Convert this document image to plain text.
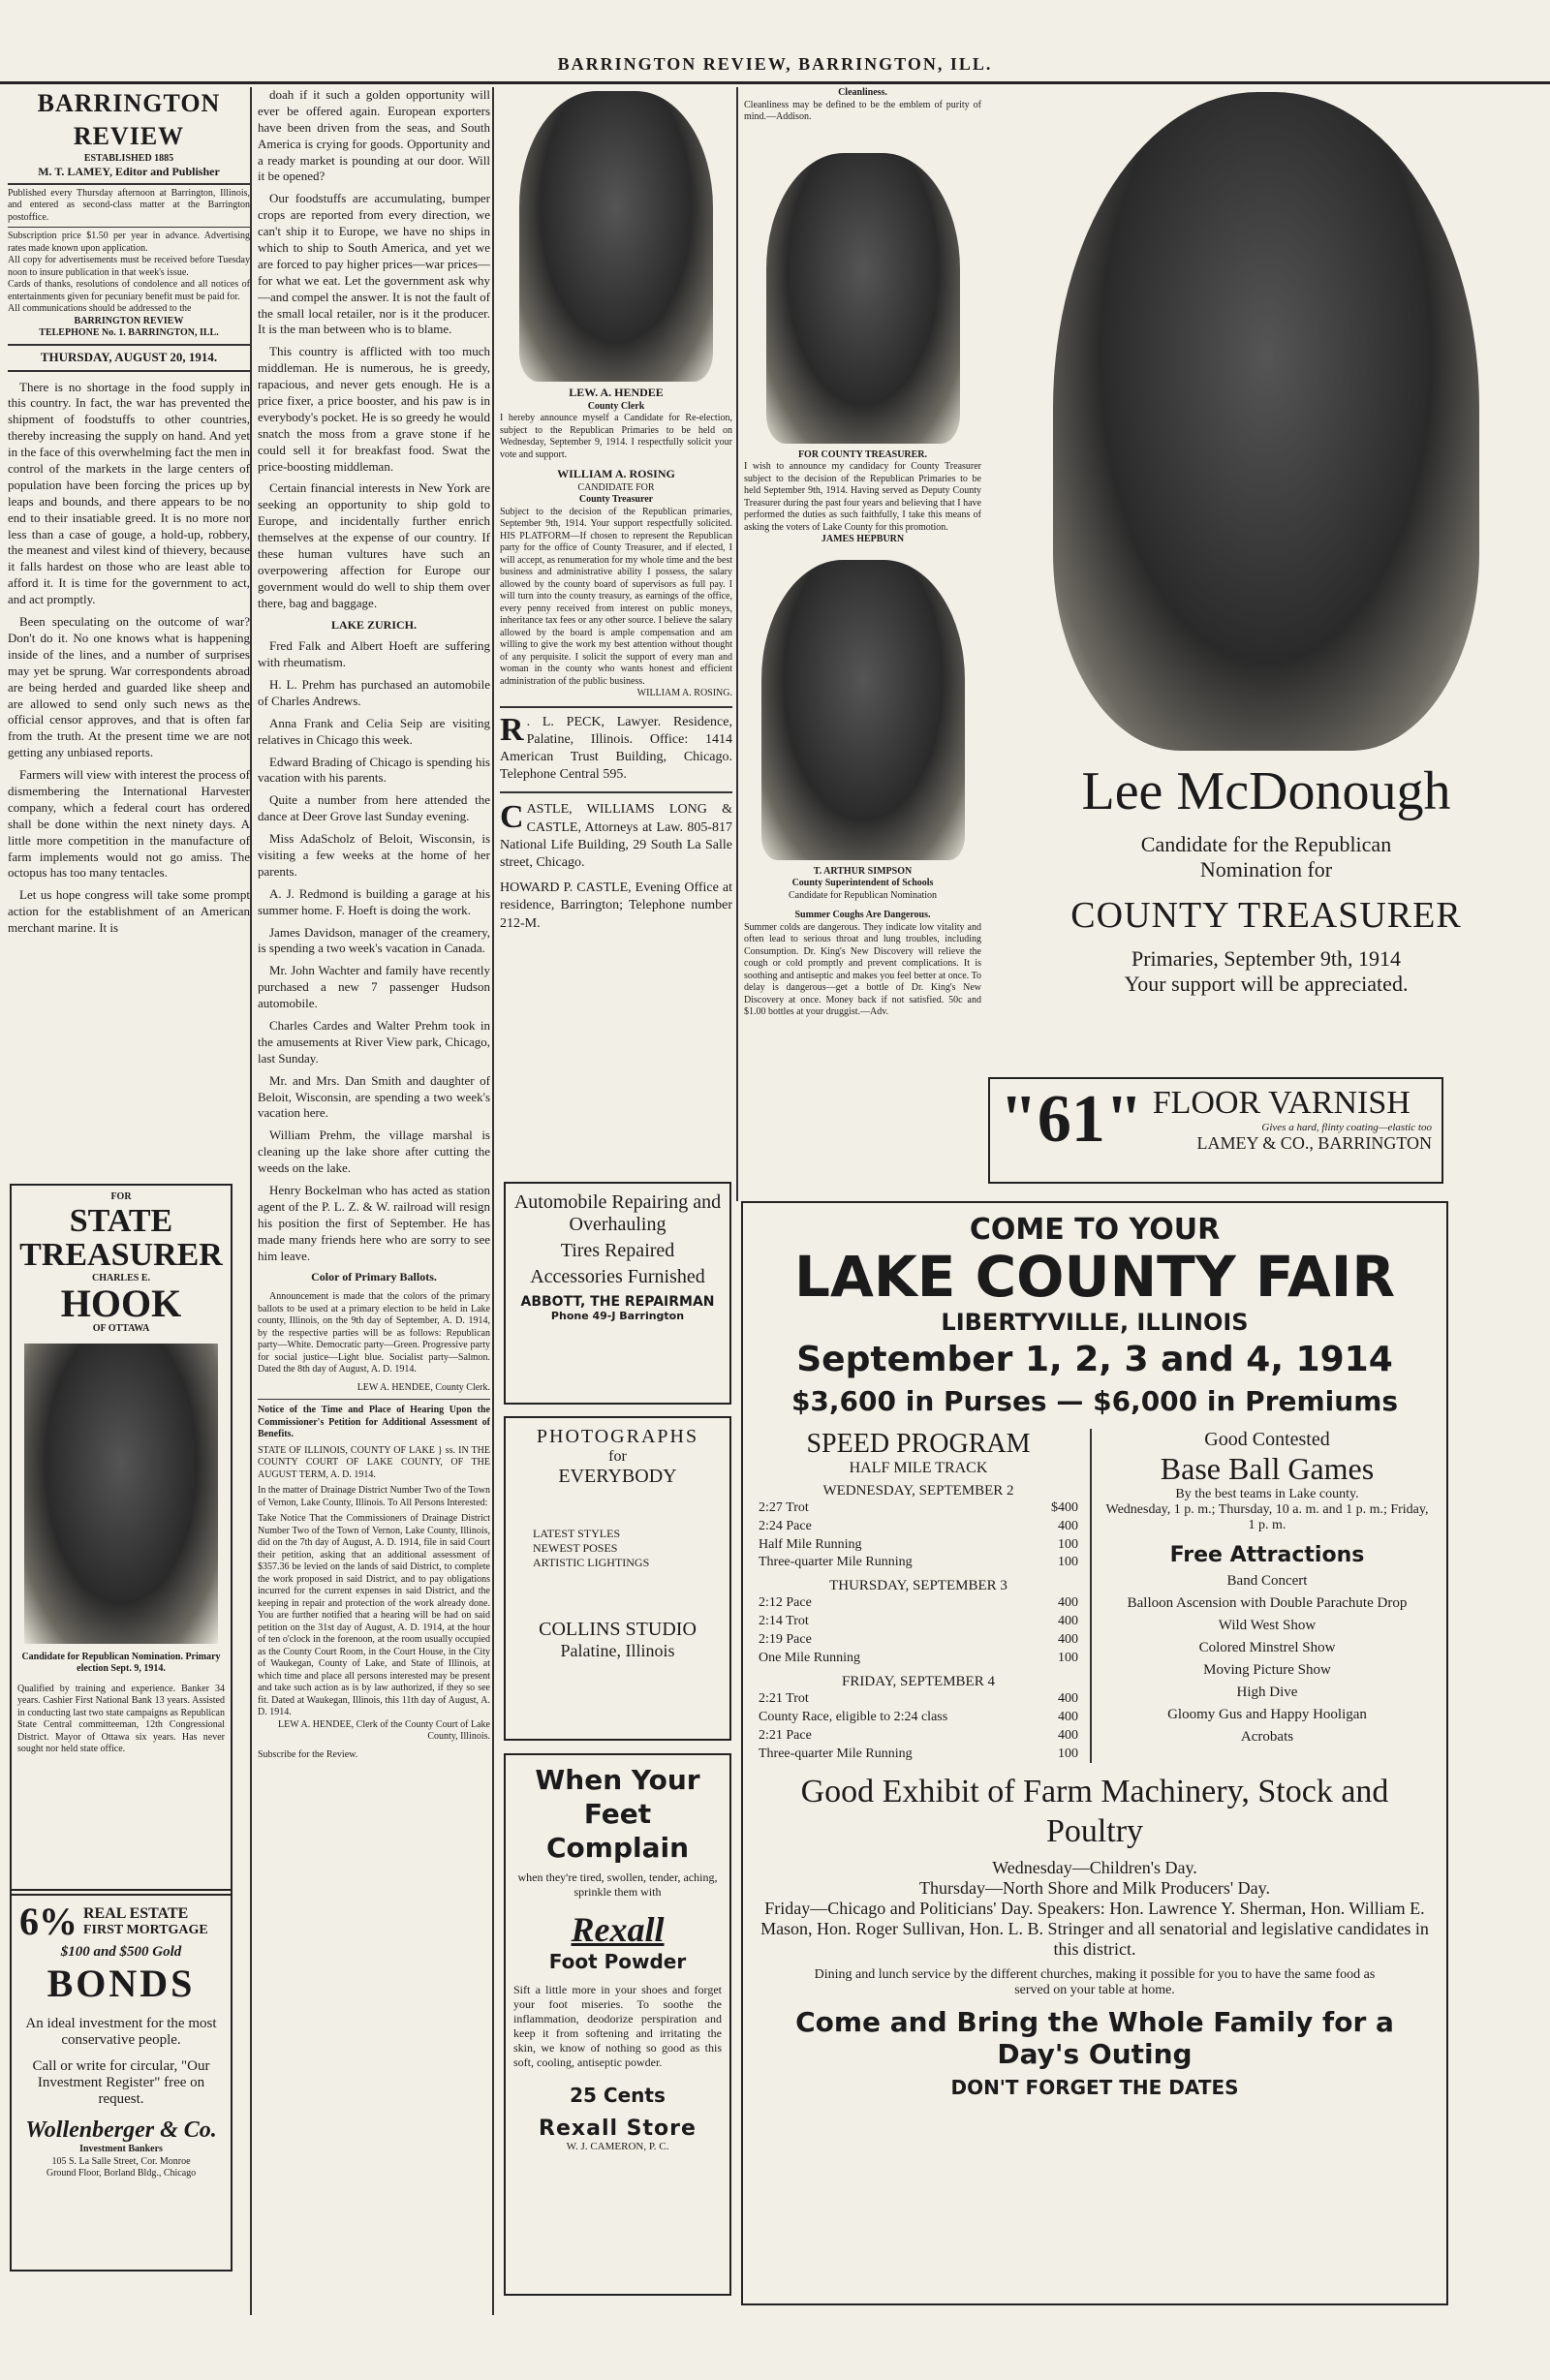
BARRINGTON REVIEW, BARRINGTON, ILL.
BARRINGTON REVIEW
ESTABLISHED 1885
M. T. LAMEY, Editor and Publisher
Published every Thursday afternoon at Barrington, Illinois, and entered as second-class matter at the Barrington postoffice.
Subscription price $1.50 per year in advance. Advertising rates made known upon application.
All copy for advertisements must be received before Tuesday noon to insure publication in that week's issue.
Cards of thanks, resolutions of condolence and all notices of entertainments given for pecuniary benefit must be paid for.
All communications should be addressed to the
BARRINGTON REVIEW
TELEPHONE No. 1. BARRINGTON, ILL.
THURSDAY, AUGUST 20, 1914.

There is no shortage in the food supply in this country. In fact, the war has prevented the shipment of foodstuffs to other countries, thereby increasing the supply on hand. And yet in the face of this overwhelming fact the men in control of the markets in the large centers of population have been forcing the prices up by leaps and bounds, and there appears to be no end to their insatiable greed. It is no more nor less than a case of gouge, a hold-up, robbery, the meanest and vilest kind of thievery, because it falls hardest on those who are least able to afford it. It is time for the government to act, and act promptly.

Been speculating on the outcome of war? Don't do it. No one knows what is happening inside of the lines, and a number of surprises may yet be sprung. War correspondents abroad are being herded and guarded like sheep and are allowed to send only such news as the official censor approves, and that is often far from the truth. At the present time we are not getting any unbiased reports.

Farmers will view with interest the process of dismembering the International Harvester company, which a federal court has ordered shall be done within the next ninety days. A little more competition in the manufacture of farm implements would not go amiss. The octopus has too many tentacles.

Let us hope congress will take some prompt action for the establishment of an American merchant marine. It is

FOR
STATE TREASURER
CHARLES E.
HOOK
OF OTTAWA
Candidate for Republican Nomination. Primary election Sept. 9, 1914.
Qualified by training and experience. Banker 34 years. Cashier First National Bank 13 years. Assisted in conducting last two state campaigns as Republican State Central committeeman, 12th Congressional District. Mayor of Ottawa six years. Has never sought nor held state office.
6% REAL ESTATE
FIRST MORTGAGE
$100 and $500 Gold
BONDS
An ideal investment for the most conservative people.
Call or write for circular, "Our Investment Register" free on request.
Wollenberger & Co.
Investment Bankers
105 S. La Salle Street, Cor. Monroe
Ground Floor, Borland Bldg., Chicago

doah if it such a golden opportunity will ever be offered again. European exporters have been driven from the seas, and South America is crying for goods. Opportunity and a ready market is pounding at our door. Will it be opened?

Our foodstuffs are accumulating, bumper crops are reported from every direction, we can't ship it to Europe, we have no ships in which to ship to South America, and yet we are forced to pay higher prices—war prices—for what we eat. Let the government ask why—and compel the answer. It is not the fault of the small local retailer, nor is it the producer. It is the man between who is to blame.

This country is afflicted with too much middleman. He is numerous, he is greedy, rapacious, and never gets enough. He is a price fixer, a price booster, and his paw is in everybody's pocket. He is so greedy he would snatch the moss from a grave stone if he could sell it for breakfast food. Swat the price-boosting middleman.

Certain financial interests in New York are seeking an opportunity to ship gold to Europe, and incidentally further enrich themselves at the expense of our country. If these human vultures have such an overpowering affection for Europe our government would do well to ship them over there, bag and baggage.

LAKE ZURICH.

Fred Falk and Albert Hoeft are suffering with rheumatism.

H. L. Prehm has purchased an automobile of Charles Andrews.

Anna Frank and Celia Seip are visiting relatives in Chicago this week.

Edward Brading of Chicago is spending his vacation with his parents.

Quite a number from here attended the dance at Deer Grove last Sunday evening.

Miss AdaScholz of Beloit, Wisconsin, is visiting a few weeks at the home of her parents.

A. J. Redmond is building a garage at his summer home. F. Hoeft is doing the work.

James Davidson, manager of the creamery, is spending a two week's vacation in Canada.

Mr. John Wachter and family have recently purchased a new 7 passenger Hudson automobile.

Charles Cardes and Walter Prehm took in the amusements at River View park, Chicago, last Sunday.

Mr. and Mrs. Dan Smith and daughter of Beloit, Wisconsin, are spending a two week's vacation here.

William Prehm, the village marshal is cleaning up the lake shore after cutting the weeds on the lake.

Henry Bockelman who has acted as station agent of the P. L. Z. & W. railroad will resign his position the first of September. He has made many friends here who are sorry to see him leave.

Color of Primary Ballots.

Announcement is made that the colors of the primary ballots to be used at a primary election to be held in Lake county, Illinois, on the 9th day of September, A. D. 1914, by the respective parties will be as follows: Republican party—White. Democratic party—Green. Progressive party for social justice—Light blue. Socialist party—Salmon. Dated the 8th day of August, A. D. 1914.

LEW A. HENDEE, County Clerk.
Notice of the Time and Place of Hearing Upon the Commissioner's Petition for Additional Assessment of Benefits.
STATE OF ILLINOIS, COUNTY OF LAKE } ss. IN THE COUNTY COURT OF LAKE COUNTY, OF THE AUGUST TERM, A. D. 1914.
In the matter of Drainage District Number Two of the Town of Vernon, Lake County, Illinois. To All Persons Interested:
Take Notice That the Commissioners of Drainage District Number Two of the Town of Vernon, Lake County, Illinois, did on the 7th day of August, A. D. 1914, file in said Court their petition, asking that an additional assessment of $357.36 be levied on the lands of said District, to complete the work proposed in said District, and to pay obligations incurred for the current expenses in said District, and the keeping in repair and protection of the work already done. You are further notified that a hearing will be had on said petition on the 31st day of August, A. D. 1914, at the hour of ten o'clock in the forenoon, at the room usually occupied as the County Court Room, in the Court House, in the City of Waukegan, County of Lake, and State of Illinois, at which time and place all persons interested may be present and take such action as is by law authorized, if they so see fit. Dated at Waukegan, Illinois, this 11th day of August, A. D. 1914.
LEW A. HENDEE, Clerk of the County Court of Lake County, Illinois.
Subscribe for the Review.
LEW. A. HENDEE
County Clerk
I hereby announce myself a Candidate for Re-election, subject to the Republican Primaries to be held on Wednesday, September 9, 1914. I respectfully solicit your vote and support.
WILLIAM A. ROSING
CANDIDATE FOR
County Treasurer
Subject to the decision of the Republican primaries, September 9th, 1914. Your support respectfully solicited. HIS PLATFORM—If chosen to represent the Republican party for the office of County Treasurer, and if elected, I will accept, as renumeration for my whole time and the best business and administrative ability I possess, the salary allowed by the county board of supervisors as full pay. I will turn into the county treasury, as earnings of the office, every penny received from interest on public moneys, inheritance tax fees or any other source. I believe the salary allowed by the board is ample compensation and am willing to give the work my best attention without thought of any perquisite. I solicit the support of every man and woman in the county who wants honest and efficient administration of the public business.
WILLIAM A. ROSING.
R . L. PECK, Lawyer. Residence, Palatine, Illinois. Office: 1414 American Trust Building, Chicago. Telephone Central 595.
C ASTLE, WILLIAMS LONG & CASTLE, Attorneys at Law. 805-817 National Life Building, 29 South La Salle street, Chicago.
HOWARD P. CASTLE, Evening Office at residence, Barrington; Telephone number 212-M.
Automobile Repairing and Overhauling
Tires Repaired
Accessories Furnished
ABBOTT, THE REPAIRMAN
Phone 49-J Barrington
PHOTOGRAPHS
for
EVERYBODY
LATEST STYLES
NEWEST POSES
ARTISTIC LIGHTINGS
COLLINS STUDIO
Palatine, Illinois
When Your Feet Complain
when they're tired, swollen, tender, aching, sprinkle them with
Rexall
Foot Powder
Sift a little more in your shoes and forget your foot miseries. To soothe the inflammation, deodorize perspiration and keep it from softening and irritating the skin, we know of nothing so good as this soft, cooling, antiseptic powder.
25 Cents
Rexall Store
W. J. CAMERON, P. C.
Cleanliness.
Cleanliness may be defined to be the emblem of purity of mind.—Addison.
FOR COUNTY TREASURER.
I wish to announce my candidacy for County Treasurer subject to the decision of the Republican Primaries to be held September 9th, 1914. Having served as Deputy County Treasurer during the past four years and believing that I have performed the duties as such faithfully, I take this means of asking the voters of Lake County for this promotion.
JAMES HEPBURN
T. ARTHUR SIMPSON
County Superintendent of Schools
Candidate for Republican Nomination
Summer Coughs Are Dangerous.
Summer colds are dangerous. They indicate low vitality and often lead to serious throat and lung troubles, including Consumption. Dr. King's New Discovery will relieve the cough or cold promptly and prevent complications. It is soothing and antiseptic and makes you feel better at once. To delay is dangerous—get a bottle of Dr. King's New Discovery at once. Money back if not satisfied. 50c and $1.00 bottles at your druggist.—Adv.
Lee McDonough
Candidate for the Republican
Nomination for
COUNTY TREASURER
Primaries, September 9th, 1914
Your support will be appreciated.
"61" FLOOR VARNISH
Gives a hard, flinty coating—elastic too
LAMEY & CO., BARRINGTON
COME TO YOUR
LAKE COUNTY FAIR
LIBERTYVILLE, ILLINOIS
September 1, 2, 3 and 4, 1914
$3,600 in Purses — $6,000 in Premiums
SPEED PROGRAM
HALF MILE TRACK
WEDNESDAY, SEPTEMBER 2
2:27 Trot	$400
2:24 Pace	400
Half Mile Running	100
Three-quarter Mile Running	100
THURSDAY, SEPTEMBER 3
2:12 Pace	400
2:14 Trot	400
2:19 Pace	400
One Mile Running	100
FRIDAY, SEPTEMBER 4
2:21 Trot	400
County Race, eligible to 2:24 class	400
2:21 Pace	400
Three-quarter Mile Running	100
Good Contested
Base Ball Games
By the best teams in Lake county.
Wednesday, 1 p. m.; Thursday, 10 a. m. and 1 p. m.; Friday, 1 p. m.
Free Attractions
Band Concert
Balloon Ascension with Double Parachute Drop
Wild West Show
Colored Minstrel Show
Moving Picture Show
High Dive
Gloomy Gus and Happy Hooligan
Acrobats
Good Exhibit of Farm Machinery, Stock and Poultry
Wednesday—Children's Day.
Thursday—North Shore and Milk Producers' Day.
Friday—Chicago and Politicians' Day. Speakers: Hon. Lawrence Y. Sherman, Hon. William E. Mason, Hon. Roger Sullivan, Hon. L. B. Stringer and all senatorial and legislative candidates in this district.
Dining and lunch service by the different churches, making it possible for you to have the same food as served on your table at home.
Come and Bring the Whole Family for a Day's Outing
DON'T FORGET THE DATES
